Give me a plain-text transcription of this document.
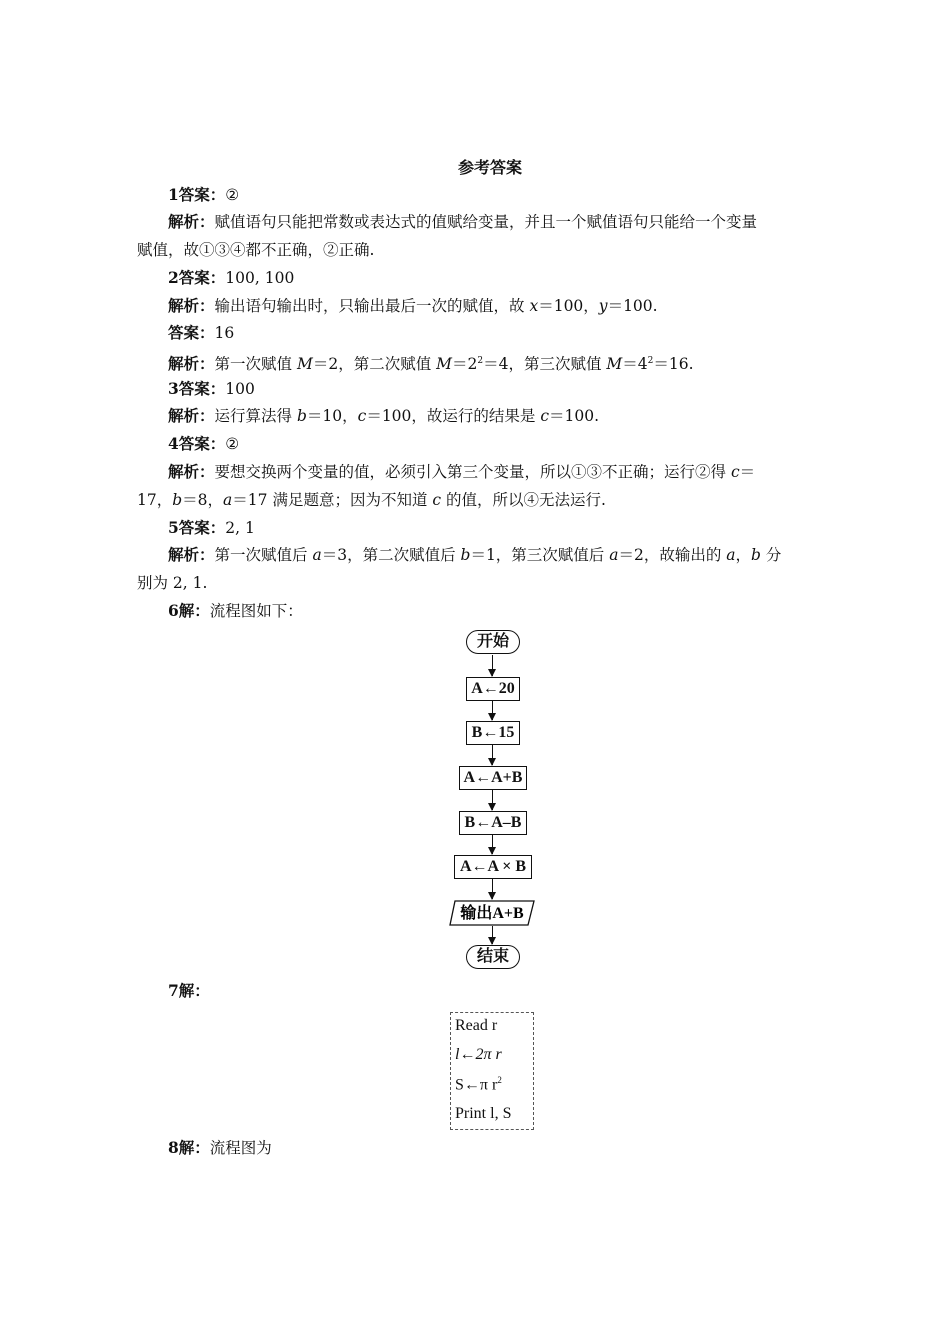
参考答案
1答案：②
解析：赋值语句只能把常数或表达式的值赋给变量，并且一个赋值语句只能给一个变量
赋值，故①③④都不正确，②正确.
2答案：100, 100
解析：输出语句输出时，只输出最后一次的赋值，故 x＝100，y＝100.
答案：16
解析：第一次赋值 M＝2，第二次赋值 $M=2^2=4$，第三次赋值 $M=4^2=16$.
3答案：100
解析：运行算法得 b＝10，c＝100，故运行的结果是 c＝100.
4答案：②
解析：要想交换两个变量的值，必须引入第三个变量，所以①③不正确；运行②得 c＝
17，b＝8，a＝17 满足题意；因为不知道 c 的值，所以④无法运行.
5答案：2, 1
解析：第一次赋值后 a＝3，第二次赋值后 b＝1，第三次赋值后 a＝2，故输出的 a，b 分
别为 2, 1.
6解：流程图如下：
开始
A←20
B←15
A←A+B
B←A–B
A←A × B
输出A+B
结束
7解：
Read r
l←2π r
S←π $r^2$
Print l, S
8解：流程图为
